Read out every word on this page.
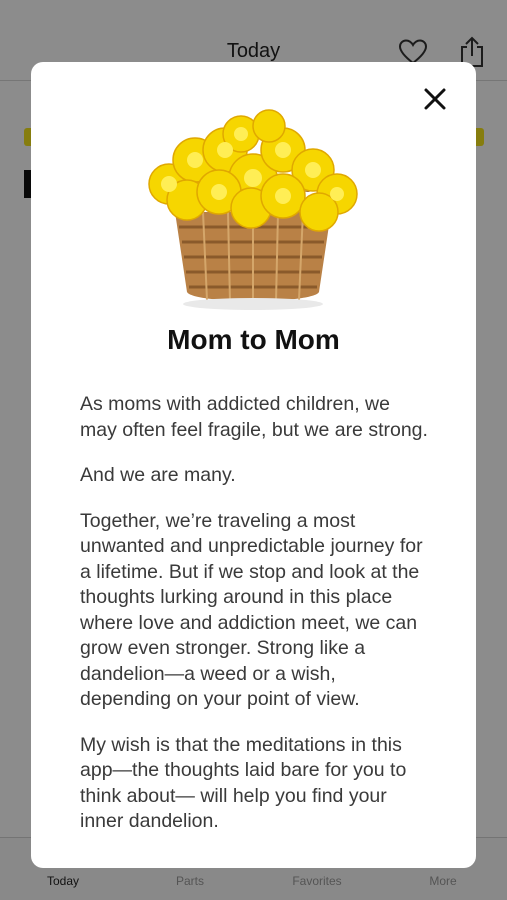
Today
Today	Parts	Favorites	More
Mom to Mom

As moms with addicted children, we may often feel fragile, but we are strong.

And we are many.

Together, we’re traveling a most unwanted and unpredictable journey for a lifetime. But if we stop and look at the thoughts lurking around in this place where love and addiction meet, we can grow even stronger. Strong like a dandelion—a weed or a wish, depending on your point of view.

My wish is that the meditations in this app—the thoughts laid bare for you to think about— will help you find your inner dandelion.
